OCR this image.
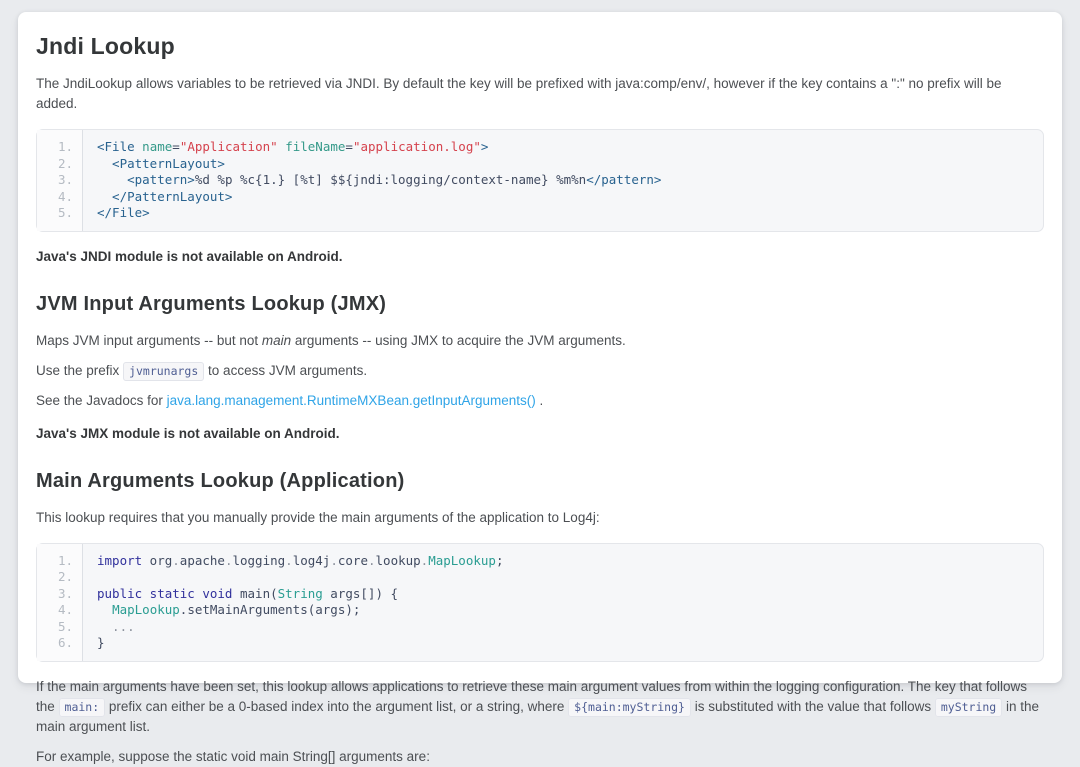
Jndi Lookup

The JndiLookup allows variables to be retrieved via JNDI. By default the key will be prefixed with java:comp/env/, however if the key contains a ":" no prefix will be added.

1.
2.
3.
4.
5.
<File name="Application" fileName="application.log">
<PatternLayout>
<pattern>%d %p %c{1.} [%t] $${jndi:logging/context-name} %m%n</pattern>
</PatternLayout>
</File>

Java's JNDI module is not available on Android.

JVM Input Arguments Lookup (JMX)

Maps JVM input arguments -- but not main arguments -- using JMX to acquire the JVM arguments.

Use the prefix jvmrunargs to access JVM arguments.

See the Javadocs for java.lang.management.RuntimeMXBean.getInputArguments() .

Java's JMX module is not available on Android.

Main Arguments Lookup (Application)

This lookup requires that you manually provide the main arguments of the application to Log4j:

1.
2.
3.
4.
5.
6.
import org.apache.logging.log4j.core.lookup.MapLookup;

public static void main(String args[]) {
MapLookup.setMainArguments(args);
...
}

If the main arguments have been set, this lookup allows applications to retrieve these main argument values from within the logging configuration. The key that follows the main: prefix can either be a 0-based index into the argument list, or a string, where ${main:myString} is substituted with the value that follows myString in the main argument list.

For example, suppose the static void main String[] arguments are:
